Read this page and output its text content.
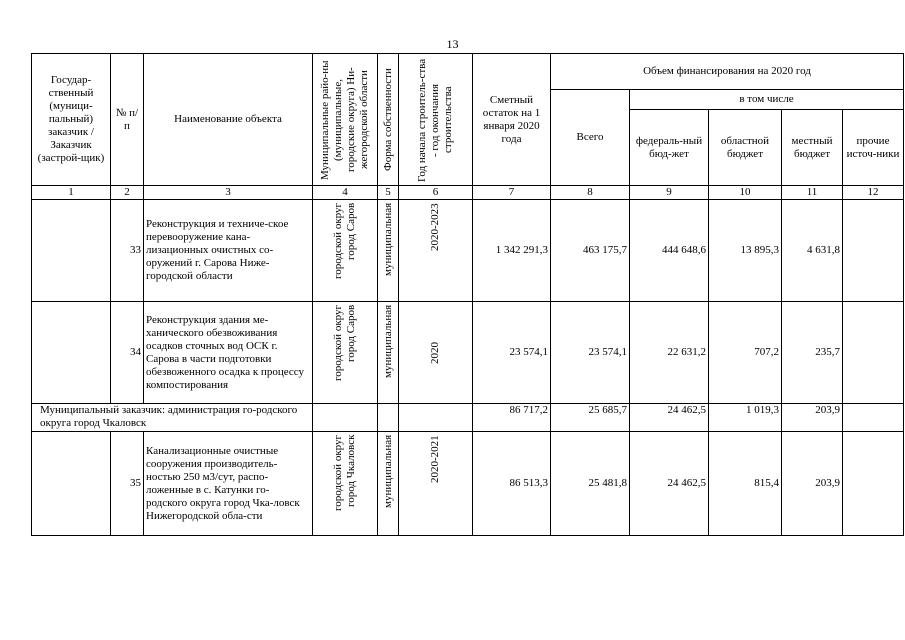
13
Государ-ственный (муници-пальный) заказчик / Заказчик (застрой-щик)	№ п/п	Наименование объекта	Муниципальные райо-ны (муниципальные, городские округа) Ни-жегородской области	Форма собственности	Год начала строитель-ства - год окончания строительства	Сметный остаток на 1 января 2020 года	Объем финансирования на 2020 год				
							Всего	в том числе			
								федераль-ный бюд-жет	областной бюджет	местный бюджет	прочие источ-ники
1	2	3	4	5	6	7	8	9	10	11	12
	33	Реконструкция и техниче-ское перевооружение кана-лизационных очистных со-оружений г. Сарова Ниже-городской области	городской округ город Саров	муниципальная	2020-2023	1 342 291,3	463 175,7	444 648,6	13 895,3	4 631,8	
	34	Реконструкция здания ме-ханического обезвоживания осадков сточных вод ОСК г. Сарова в части подготовки обезвоженного осадка к процессу компостирования	городской округ город Саров	муниципальная	2020	23 574,1	23 574,1	22 631,2	707,2	235,7	
Муниципальный заказчик: администрация го-родского округа город Чкаловск						86 717,2	25 685,7	24 462,5	1 019,3	203,9	
	35	Канализационные очистные сооружения производитель-ностью 250 м3/сут, распо-ложенные в с. Катунки го-родского округа город Чка-ловск Нижегородской обла-сти	городской округ город Чкаловск	муниципальная	2020-2021	86 513,3	25 481,8	24 462,5	815,4	203,9	
